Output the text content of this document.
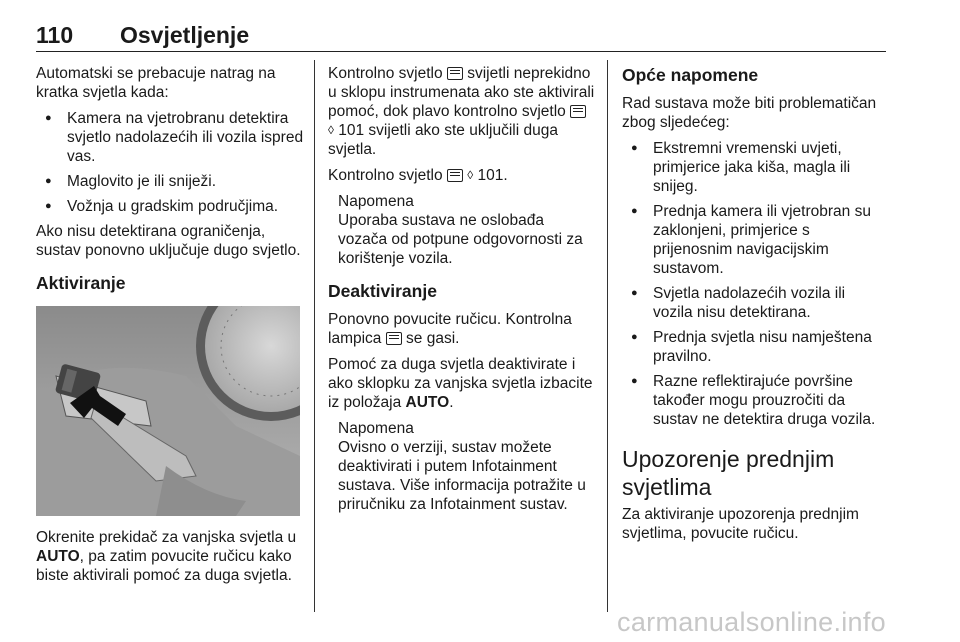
110 Osvjetljenje

Automatski se prebacuje natrag na kratka svjetla kada:

● Kamera na vjetrobranu detektira svjetlo nadolazećih ili vozila ispred vas.
● Maglovito je ili sniježi.
● Vožnja u gradskim područjima.

Ako nisu detektirana ograničenja, sustav ponovno uključuje dugo svjetlo.

Aktiviranje

Okrenite prekidač za vanjska svjetla u AUTO, pa zatim povucite ručicu kako biste aktivirali pomoć za duga svjetla.

Kontrolno svjetlo  svijetli neprekidno u sklopu instrumenata ako ste aktivirali pomoć, dok plavo kontrolno svjetlo  ◊ 101 svijetli ako ste uključili duga svjetla.

Kontrolno svjetlo  ◊ 101.

Napomena
Uporaba sustava ne oslobađa vozača od potpune odgovornosti za korištenje vozila.
Deaktiviranje

Ponovno povucite ručicu. Kontrolna lampica  se gasi.

Pomoć za duga svjetla deaktivirate i ako sklopku za vanjska svjetla izbacite iz položaja AUTO.

Napomena
Ovisno o verziji, sustav možete deaktivirati i putem Infotainment sustava. Više informacija potražite u priručniku za Infotainment sustav.
Opće napomene

Rad sustava može biti problematičan zbog sljedećeg:

● Ekstremni vremenski uvjeti, primjerice jaka kiša, magla ili snijeg.
● Prednja kamera ili vjetrobran su zaklonjeni, primjerice s prijenosnim navigacijskim sustavom.
● Svjetla nadolazećih vozila ili vozila nisu detektirana.
● Prednja svjetla nisu namještena pravilno.
● Razne reflektirajuće površine također mogu prouzročiti da sustav ne detektira druga vozila.
Upozorenje prednjim svjetlima

Za aktiviranje upozorenja prednjim svjetlima, povucite ručicu.

carmanualsonline.info
